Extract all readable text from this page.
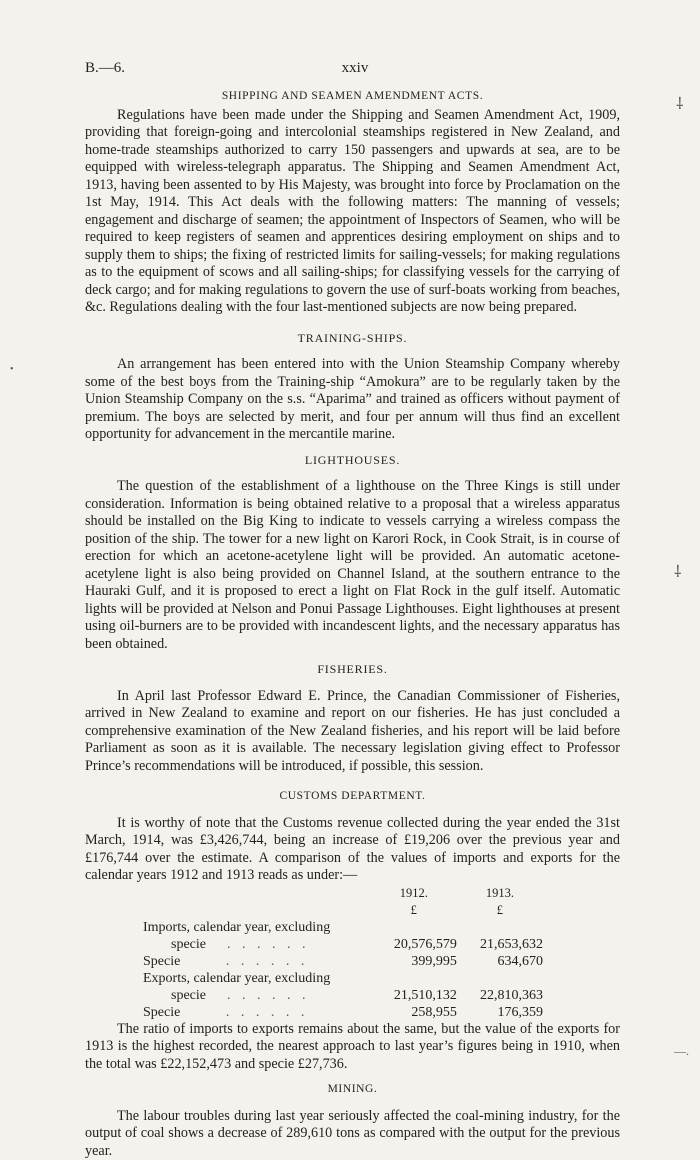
⸸
⸸
—.
•
B.—6.	xxiv
SHIPPING AND SEAMEN AMENDMENT ACTS.

Regulations have been made under the Shipping and Seamen Amendment Act, 1909, providing that foreign-going and intercolonial steamships registered in New Zealand, and home-trade steamships authorized to carry 150 passengers and upwards at sea, are to be equipped with wireless-telegraph apparatus. The Shipping and Seamen Amendment Act, 1913, having been assented to by His Majesty, was brought into force by Proclamation on the 1st May, 1914. This Act deals with the following matters: The manning of vessels; engagement and discharge of seamen; the appointment of Inspectors of Seamen, who will be required to keep registers of seamen and apprentices desiring employment on ships and to supply them to ships; the fixing of restricted limits for sailing-vessels; for making regulations as to the equipment of scows and all sailing-ships; for classifying vessels for the carrying of deck cargo; and for making regulations to govern the use of surf-boats working from beaches, &c. Regulations dealing with the four last-mentioned subjects are now being prepared.

TRAINING-SHIPS.

An arrangement has been entered into with the Union Steamship Company whereby some of the best boys from the Training-ship “Amokura” are to be regularly taken by the Union Steamship Company on the s.s. “Aparima” and trained as officers without payment of premium. The boys are selected by merit, and four per annum will thus find an excellent opportunity for advancement in the mercantile marine.

LIGHTHOUSES.

The question of the establishment of a lighthouse on the Three Kings is still under consideration. Information is being obtained relative to a proposal that a wireless apparatus should be installed on the Big King to indicate to vessels carrying a wireless compass the position of the ship. The tower for a new light on Karori Rock, in Cook Strait, is in course of erection for which an acetone-acetylene light will be provided. An automatic acetone-acetylene light is also being provided on Channel Island, at the southern entrance to the Hauraki Gulf, and it is proposed to erect a light on Flat Rock in the gulf itself. Automatic lights will be provided at Nelson and Ponui Passage Lighthouses. Eight lighthouses at present using oil-burners are to be provided with incandescent lights, and the necessary apparatus has been obtained.

FISHERIES.

In April last Professor Edward E. Prince, the Canadian Commissioner of Fisheries, arrived in New Zealand to examine and report on our fisheries. He has just concluded a comprehensive examination of the New Zealand fisheries, and his report will be laid before Parliament as soon as it is available. The necessary legislation giving effect to Professor Prince’s recommendations will be introduced, if possible, this session.

CUSTOMS DEPARTMENT.

It is worthy of note that the Customs revenue collected during the year ended the 31st March, 1914, was £3,426,744, being an increase of £19,206 over the previous year and £176,744 over the estimate. A comparison of the values of imports and exports for the calendar years 1912 and 1913 reads as under:—

	1912.	1913.
	£	£
Imports, calendar year, excluding		
specie . . . . . .	20,576,579	21,653,632
Specie . . . . . .	399,995	634,670
Exports, calendar year, excluding		
specie . . . . . .	21,510,132	22,810,363
Specie . . . . . .	258,955	176,359

The ratio of imports to exports remains about the same, but the value of the exports for 1913 is the highest recorded, the nearest approach to last year’s figures being in 1910, when the total was £22,152,473 and specie £27,736.

MINING.

The labour troubles during last year seriously affected the coal-mining industry, for the output of coal shows a decrease of 289,610 tons as compared with the output for the previous year.
